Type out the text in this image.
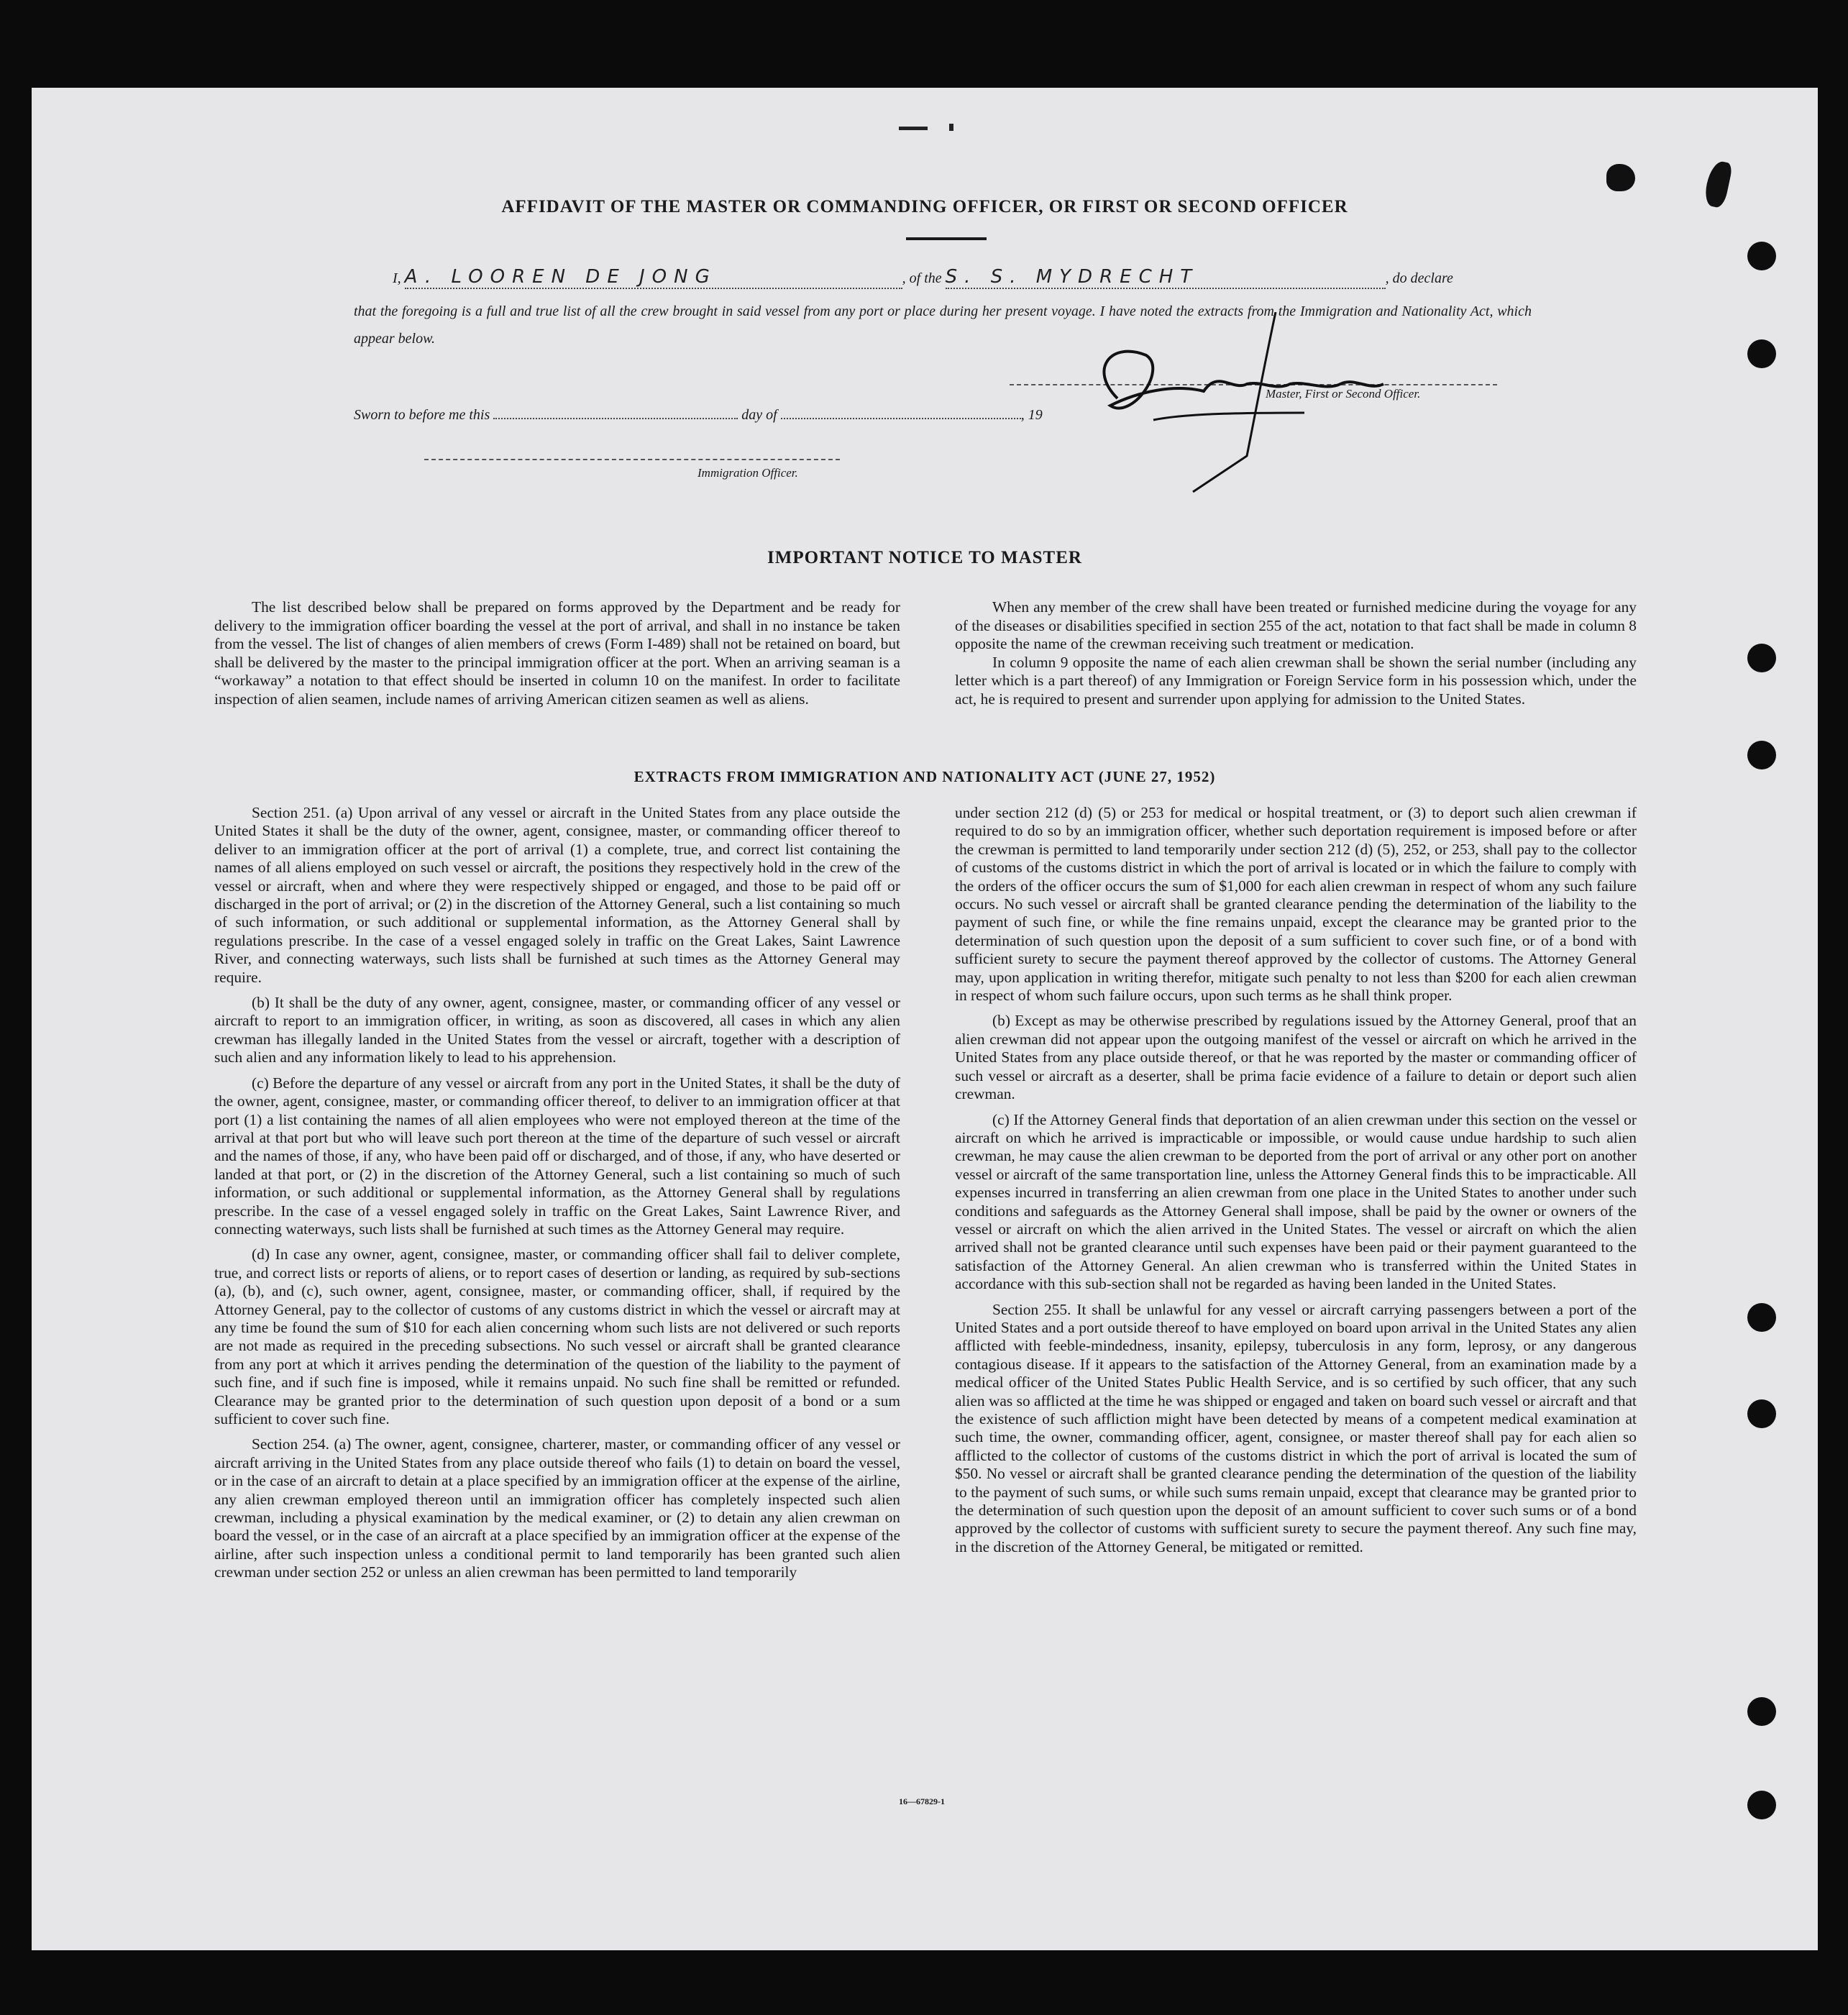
AFFIDAVIT OF THE MASTER OR COMMANDING OFFICER, OR FIRST OR SECOND OFFICER
I, A. LOOREN DE JONG	, of the S. S. MYDRECHT	, do declare
that the foregoing is a full and true list of all the crew brought in said vessel from any port or place during her present voyage. I have noted the extracts from the Immigration and Nationality Act, which appear below.
Master, First or Second Officer.
Sworn to before me this	day of	, 19
Immigration Officer.
IMPORTANT NOTICE TO MASTER

The list described below shall be prepared on forms approved by the Department and be ready for delivery to the immigration officer boarding the vessel at the port of arrival, and shall in no instance be taken from the vessel. The list of changes of alien members of crews (Form I-489) shall not be retained on board, but shall be delivered by the master to the principal immigration officer at the port. When an arriving seaman is a “workaway” a notation to that effect should be inserted in column 10 on the manifest. In order to facilitate inspection of alien seamen, include names of arriving American citizen seamen as well as aliens.

When any member of the crew shall have been treated or furnished medicine during the voyage for any of the diseases or disabilities specified in section 255 of the act, notation to that fact shall be made in column 8 opposite the name of the crewman receiving such treatment or medication.

In column 9 opposite the name of each alien crewman shall be shown the serial number (including any letter which is a part thereof) of any Immigration or Foreign Service form in his possession which, under the act, he is required to present and surrender upon applying for admission to the United States.

EXTRACTS FROM IMMIGRATION AND NATIONALITY ACT (JUNE 27, 1952)

Section 251. (a) Upon arrival of any vessel or aircraft in the United States from any place outside the United States it shall be the duty of the owner, agent, consignee, master, or commanding officer thereof to deliver to an immigration officer at the port of arrival (1) a complete, true, and correct list containing the names of all aliens employed on such vessel or aircraft, the positions they respectively hold in the crew of the vessel or aircraft, when and where they were respectively shipped or engaged, and those to be paid off or discharged in the port of arrival; or (2) in the discretion of the Attorney General, such a list containing so much of such information, or such additional or supplemental information, as the Attorney General shall by regulations prescribe. In the case of a vessel engaged solely in traffic on the Great Lakes, Saint Lawrence River, and connecting waterways, such lists shall be furnished at such times as the Attorney General may require.

(b) It shall be the duty of any owner, agent, consignee, master, or commanding officer of any vessel or aircraft to report to an immigration officer, in writing, as soon as discovered, all cases in which any alien crewman has illegally landed in the United States from the vessel or aircraft, together with a description of such alien and any information likely to lead to his apprehension.

(c) Before the departure of any vessel or aircraft from any port in the United States, it shall be the duty of the owner, agent, consignee, master, or commanding officer thereof, to deliver to an immigration officer at that port (1) a list containing the names of all alien employees who were not employed thereon at the time of the arrival at that port but who will leave such port thereon at the time of the departure of such vessel or aircraft and the names of those, if any, who have been paid off or discharged, and of those, if any, who have deserted or landed at that port, or (2) in the discretion of the Attorney General, such a list containing so much of such information, or such additional or supplemental information, as the Attorney General shall by regulations prescribe. In the case of a vessel engaged solely in traffic on the Great Lakes, Saint Lawrence River, and connecting waterways, such lists shall be furnished at such times as the Attorney General may require.

(d) In case any owner, agent, consignee, master, or commanding officer shall fail to deliver complete, true, and correct lists or reports of aliens, or to report cases of desertion or landing, as required by sub-sections (a), (b), and (c), such owner, agent, consignee, master, or commanding officer, shall, if required by the Attorney General, pay to the collector of customs of any customs district in which the vessel or aircraft may at any time be found the sum of $10 for each alien concerning whom such lists are not delivered or such reports are not made as required in the preceding subsections. No such vessel or aircraft shall be granted clearance from any port at which it arrives pending the determination of the question of the liability to the payment of such fine, and if such fine is imposed, while it remains unpaid. No such fine shall be remitted or refunded. Clearance may be granted prior to the determination of such question upon deposit of a bond or a sum sufficient to cover such fine.

Section 254. (a) The owner, agent, consignee, charterer, master, or commanding officer of any vessel or aircraft arriving in the United States from any place outside thereof who fails (1) to detain on board the vessel, or in the case of an aircraft to detain at a place specified by an immigration officer at the expense of the airline, any alien crewman employed thereon until an immigration officer has completely inspected such alien crewman, including a physical examination by the medical examiner, or (2) to detain any alien crewman on board the vessel, or in the case of an aircraft at a place specified by an immigration officer at the expense of the airline, after such inspection unless a conditional permit to land temporarily has been granted such alien crewman under section 252 or unless an alien crewman has been permitted to land temporarily

under section 212 (d) (5) or 253 for medical or hospital treatment, or (3) to deport such alien crewman if required to do so by an immigration officer, whether such deportation requirement is imposed before or after the crewman is permitted to land temporarily under section 212 (d) (5), 252, or 253, shall pay to the collector of customs of the customs district in which the port of arrival is located or in which the failure to comply with the orders of the officer occurs the sum of $1,000 for each alien crewman in respect of whom any such failure occurs. No such vessel or aircraft shall be granted clearance pending the determination of the liability to the payment of such fine, or while the fine remains unpaid, except the clearance may be granted prior to the determination of such question upon the deposit of a sum sufficient to cover such fine, or of a bond with sufficient surety to secure the payment thereof approved by the collector of customs. The Attorney General may, upon application in writing therefor, mitigate such penalty to not less than $200 for each alien crewman in respect of whom such failure occurs, upon such terms as he shall think proper.

(b) Except as may be otherwise prescribed by regulations issued by the Attorney General, proof that an alien crewman did not appear upon the outgoing manifest of the vessel or aircraft on which he arrived in the United States from any place outside thereof, or that he was reported by the master or commanding officer of such vessel or aircraft as a deserter, shall be prima facie evidence of a failure to detain or deport such alien crewman.

(c) If the Attorney General finds that deportation of an alien crewman under this section on the vessel or aircraft on which he arrived is impracticable or impossible, or would cause undue hardship to such alien crewman, he may cause the alien crewman to be deported from the port of arrival or any other port on another vessel or aircraft of the same transportation line, unless the Attorney General finds this to be impracticable. All expenses incurred in transferring an alien crewman from one place in the United States to another under such conditions and safeguards as the Attorney General shall impose, shall be paid by the owner or owners of the vessel or aircraft on which the alien arrived in the United States. The vessel or aircraft on which the alien arrived shall not be granted clearance until such expenses have been paid or their payment guaranteed to the satisfaction of the Attorney General. An alien crewman who is transferred within the United States in accordance with this sub-section shall not be regarded as having been landed in the United States.

Section 255. It shall be unlawful for any vessel or aircraft carrying passengers between a port of the United States and a port outside thereof to have employed on board upon arrival in the United States any alien afflicted with feeble-mindedness, insanity, epilepsy, tuberculosis in any form, leprosy, or any dangerous contagious disease. If it appears to the satisfaction of the Attorney General, from an examination made by a medical officer of the United States Public Health Service, and is so certified by such officer, that any such alien was so afflicted at the time he was shipped or engaged and taken on board such vessel or aircraft and that the existence of such affliction might have been detected by means of a competent medical examination at such time, the owner, commanding officer, agent, consignee, or master thereof shall pay for each alien so afflicted to the collector of customs of the customs district in which the port of arrival is located the sum of $50. No vessel or aircraft shall be granted clearance pending the determination of the question of the liability to the payment of such sums, or while such sums remain unpaid, except that clearance may be granted prior to the determination of such question upon the deposit of an amount sufficient to cover such sums or of a bond approved by the collector of customs with sufficient surety to secure the payment thereof. Any such fine may, in the discretion of the Attorney General, be mitigated or remitted.

16—67829-1
